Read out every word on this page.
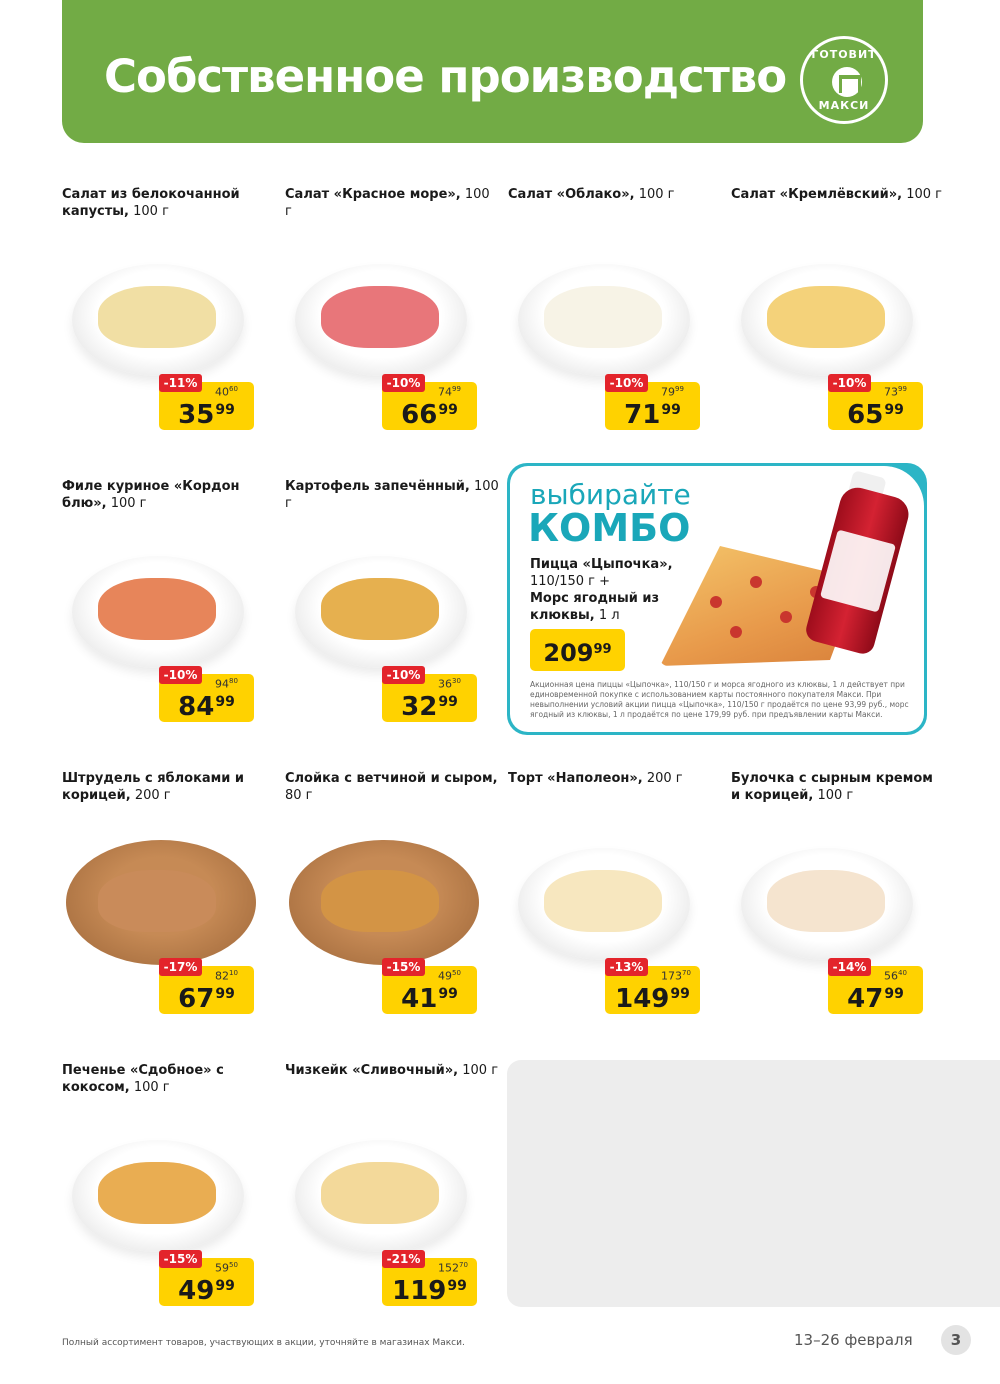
Собственное производство	ГОТОВИТ
МАКСИ
Салат из белокочанной капусты, 100 г
-11%
$40^{60}$
$35^{99}$
Салат «Красное море», 100 г
-10%
$74^{99}$
$66^{99}$
Салат «Облако», 100 г
-10%
$79^{99}$
$71^{99}$
Салат «Кремлёвский», 100 г
-10%
$73^{99}$
$65^{99}$
Филе куриное «Кордон блю», 100 г
-10%
$94^{80}$
$84^{99}$
Картофель запечённый, 100 г
-10%
$36^{30}$
$32^{99}$
Штрудель с яблоками и корицей, 200 г
-17%
$82^{10}$
$67^{99}$
Слойка с ветчиной и сыром, 80 г
-15%
$49^{50}$
$41^{99}$
Торт «Наполеон», 200 г
-13%
$173^{70}$
$149^{99}$
Булочка с сырным кремом и корицей, 100 г
-14%
$56^{40}$
$47^{99}$
Печенье «Сдобное» с кокосом, 100 г
-15%
$59^{50}$
$49^{99}$
Чизкейк «Сливочный», 100 г
-21%
$152^{70}$
$119^{99}$
выбирайте
КОМБО
Пицца «Цыпочка»,
110/150 г +
Морс ягодный из клюквы, 1 л
$209^{99}$
Акционная цена пиццы «Цыпочка», 110/150 г и морса ягодного из клюквы, 1 л действует при единовременной покупке с использованием карты постоянного покупателя Макси. При невыполнении условий акции пицца «Цыпочка», 110/150 г продаётся по цене 93,99 руб., морс ягодный из клюквы, 1 л продаётся по цене 179,99 руб. при предъявлении карты Макси.
Полный ассортимент товаров, участвующих в акции, уточняйте в магазинах Макси.	13–26 февраля	3
